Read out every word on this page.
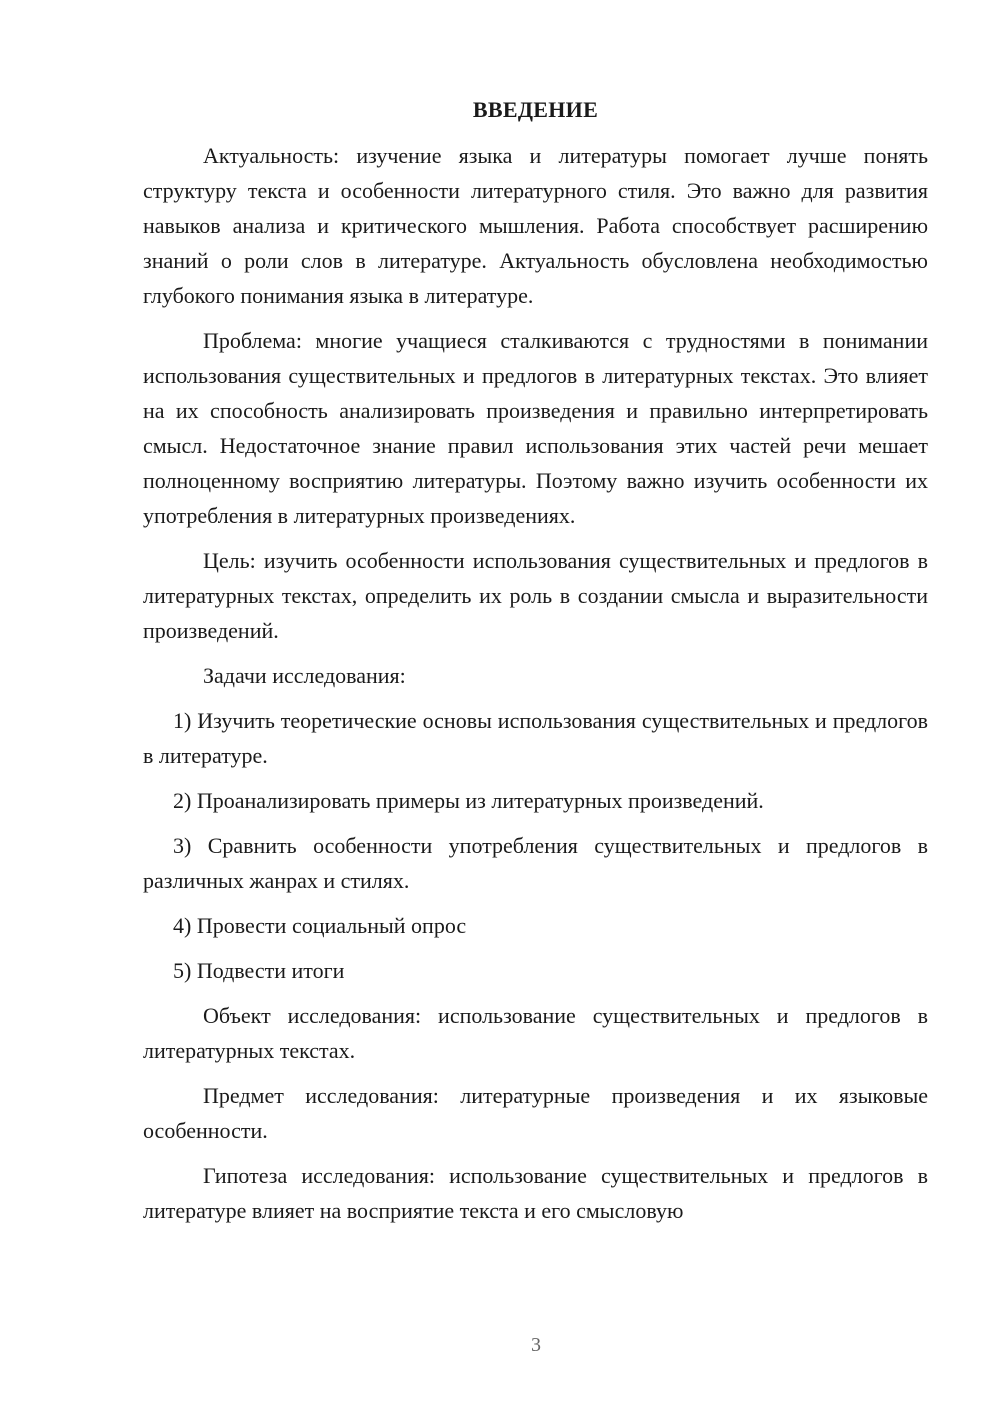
ВВЕДЕНИЕ

Актуальность: изучение языка и литературы помогает лучше понять структуру текста и особенности литературного стиля. Это важно для развития навыков анализа и критического мышления. Работа способствует расширению знаний о роли слов в литературе. Актуальность обусловлена необходимостью глубокого понимания языка в литературе.

Проблема: многие учащиеся сталкиваются с трудностями в понимании использования существительных и предлогов в литературных текстах. Это влияет на их способность анализировать произведения и правильно интерпретировать смысл. Недостаточное знание правил использования этих частей речи мешает полноценному восприятию литературы. Поэтому важно изучить особенности их употребления в литературных произведениях.

Цель: изучить особенности использования существительных и предлогов в литературных текстах, определить их роль в создании смысла и выразительности произведений.

Задачи исследования:

1) Изучить теоретические основы использования существительных и предлогов в литературе.

2) Проанализировать примеры из литературных произведений.

3) Сравнить особенности употребления существительных и предлогов в различных жанрах и стилях.

4) Провести социальный опрос

5) Подвести итоги

Объект исследования: использование существительных и предлогов в литературных текстах.

Предмет исследования: литературные произведения и их языковые особенности.

Гипотеза исследования: использование существительных и предлогов в литературе влияет на восприятие текста и его смысловую

3
